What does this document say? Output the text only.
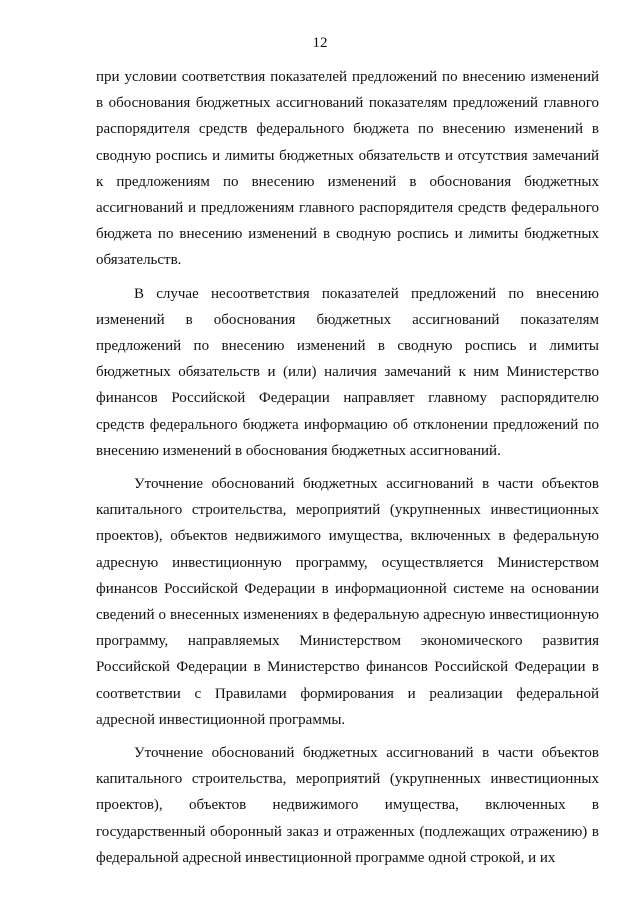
12

при условии соответствия показателей предложений по внесению изменений в обоснования бюджетных ассигнований показателям предложений главного распорядителя средств федерального бюджета по внесению изменений в сводную роспись и лимиты бюджетных обязательств и отсутствия замечаний к предложениям по внесению изменений в обоснования бюджетных ассигнований и предложениям главного распорядителя средств федерального бюджета по внесению изменений в сводную роспись и лимиты бюджетных обязательств.

В случае несоответствия показателей предложений по внесению изменений в обоснования бюджетных ассигнований показателям предложений по внесению изменений в сводную роспись и лимиты бюджетных обязательств и (или) наличия замечаний к ним Министерство финансов Российской Федерации направляет главному распорядителю средств федерального бюджета информацию об отклонении предложений по внесению изменений в обоснования бюджетных ассигнований.

Уточнение обоснований бюджетных ассигнований в части объектов капитального строительства, мероприятий (укрупненных инвестиционных проектов), объектов недвижимого имущества, включенных в федеральную адресную инвестиционную программу, осуществляется Министерством финансов Российской Федерации в информационной системе на основании сведений о внесенных изменениях в федеральную адресную инвестиционную программу, направляемых Министерством экономического развития Российской Федерации в Министерство финансов Российской Федерации в соответствии с Правилами формирования и реализации федеральной адресной инвестиционной программы.

Уточнение обоснований бюджетных ассигнований в части объектов капитального строительства, мероприятий (укрупненных инвестиционных проектов), объектов недвижимого имущества, включенных в государственный оборонный заказ и отраженных (подлежащих отражению) в федеральной адресной инвестиционной программе одной строкой, и их
